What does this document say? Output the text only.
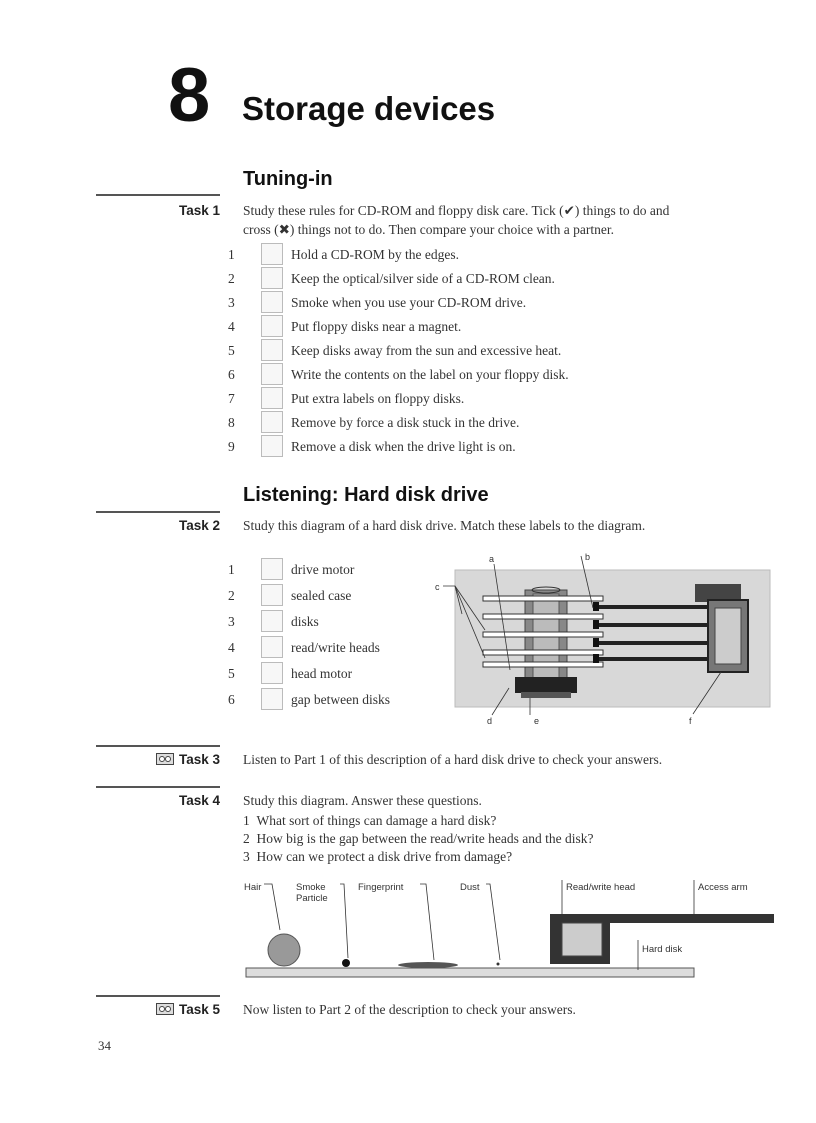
8 Storage devices
Tuning-in
Task 1 Study these rules for CD-ROM and floppy disk care. Tick (✔) things to do and
cross (✖) things not to do. Then compare your choice with a partner.
1	Hold a CD-ROM by the edges.
2	Keep the optical/silver side of a CD-ROM clean.
3	Smoke when you use your CD-ROM drive.
4	Put floppy disks near a magnet.
5	Keep disks away from the sun and excessive heat.
6	Write the contents on the label on your floppy disk.
7	Put extra labels on floppy disks.
8	Remove by force a disk stuck in the drive.
9	Remove a disk when the drive light is on.
Listening: Hard disk drive
Task 2 Study this diagram of a hard disk drive. Match these labels to the diagram.
1	drive motor
2	sealed case
3	disks
4	read/write heads
5	head motor
6	gap between disks
a	b
c
d	e	f
Task 3 Listen to Part 1 of this description of a hard disk drive to check your answers.
Task 4 Study this diagram. Answer these questions.
1 What sort of things can damage a hard disk?
2 How big is the gap between the read/write heads and the disk?
3 How can we protect a disk drive from damage?
Hair	Smoke
Particle
Fingerprint	Dust	Read/write head	Access arm
Hard disk
Task 5 Now listen to Part 2 of the description to check your answers.
34
